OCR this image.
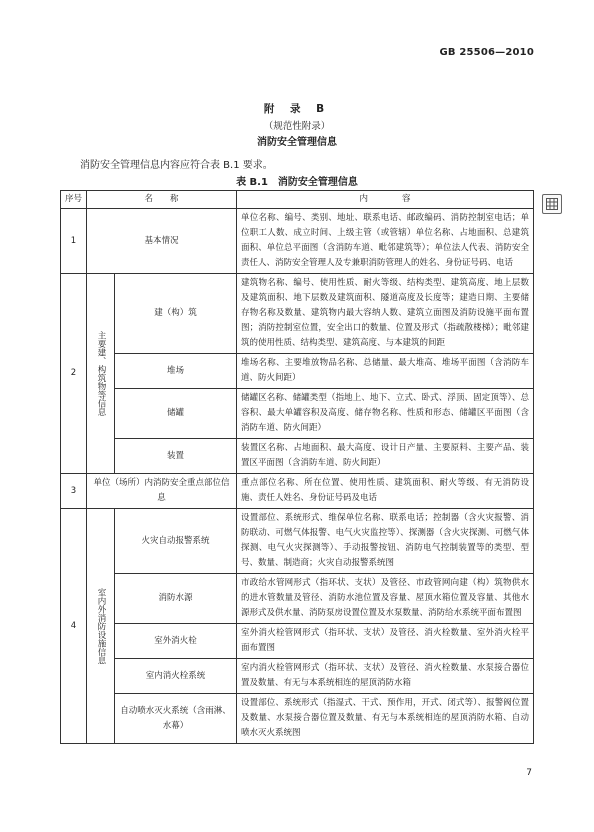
GB 25506—2010
附 录 B
（规范性附录）
消防安全管理信息
消防安全管理信息内容应符合表 B.1 要求。
表 B.1　消防安全管理信息
序号	名　　称		内　　　　容
1	基本情况		单位名称、编号、类别、地址、联系电话、邮政编码、消防控制室电话；单位职工人数、成立时间、上级主管（或管辖）单位名称、占地面积、总建筑面积、单位总平面图（含消防车道、毗邻建筑等）；单位法人代表、消防安全责任人、消防安全管理人及专兼职消防管理人的姓名、身份证号码、电话
2	主要建、构筑物等信息	建（构）筑	建筑物名称、编号、使用性质、耐火等级、结构类型、建筑高度、地上层数及建筑面积、地下层数及建筑面积、隧道高度及长度等；建造日期、主要储存物名称及数量、建筑物内最大容纳人数、建筑立面图及消防设施平面布置图；消防控制室位置，安全出口的数量、位置及形式（指疏散楼梯）；毗邻建筑的使用性质、结构类型、建筑高度、与本建筑的间距
		堆场	堆场名称、主要堆放物品名称、总储量、最大堆高、堆场平面图（含消防车道、防火间距）
		储罐	储罐区名称、储罐类型（指地上、地下、立式、卧式、浮顶、固定顶等）、总容积、最大单罐容积及高度、储存物名称、性质和形态、储罐区平面图（含消防车道、防火间距）
		装置	装置区名称、占地面积、最大高度、设计日产量、主要原料、主要产品、装置区平面图（含消防车道、防火间距）
3	单位（场所）内消防安全重点部位信息		重点部位名称、所在位置、使用性质、建筑面积、耐火等级、有无消防设施、责任人姓名、身份证号码及电话
4	室内外消防设施信息	火灾自动报警系统	设置部位、系统形式、维保单位名称、联系电话；控制器（含火灾报警、消防联动、可燃气体报警、电气火灾监控等）、探测器（含火灾探测、可燃气体探测、电气火灾探测等）、手动报警按钮、消防电气控制装置等的类型、型号、数量、制造商；火灾自动报警系统图
		消防水源	市政给水管网形式（指环状、支状）及管径、市政管网向建（构）筑物供水的进水管数量及管径、消防水池位置及容量、屋顶水箱位置及容量、其他水源形式及供水量、消防泵房设置位置及水泵数量、消防给水系统平面布置图
		室外消火栓	室外消火栓管网形式（指环状、支状）及管径、消火栓数量、室外消火栓平面布置图
		室内消火栓系统	室内消火栓管网形式（指环状、支状）及管径、消火栓数量、水泵接合器位置及数量、有无与本系统相连的屋顶消防水箱
		自动喷水灭火系统（含雨淋、水幕）	设置部位、系统形式（指湿式、干式、预作用，开式、闭式等）、报警阀位置及数量、水泵接合器位置及数量、有无与本系统相连的屋顶消防水箱、自动喷水灭火系统图
7
